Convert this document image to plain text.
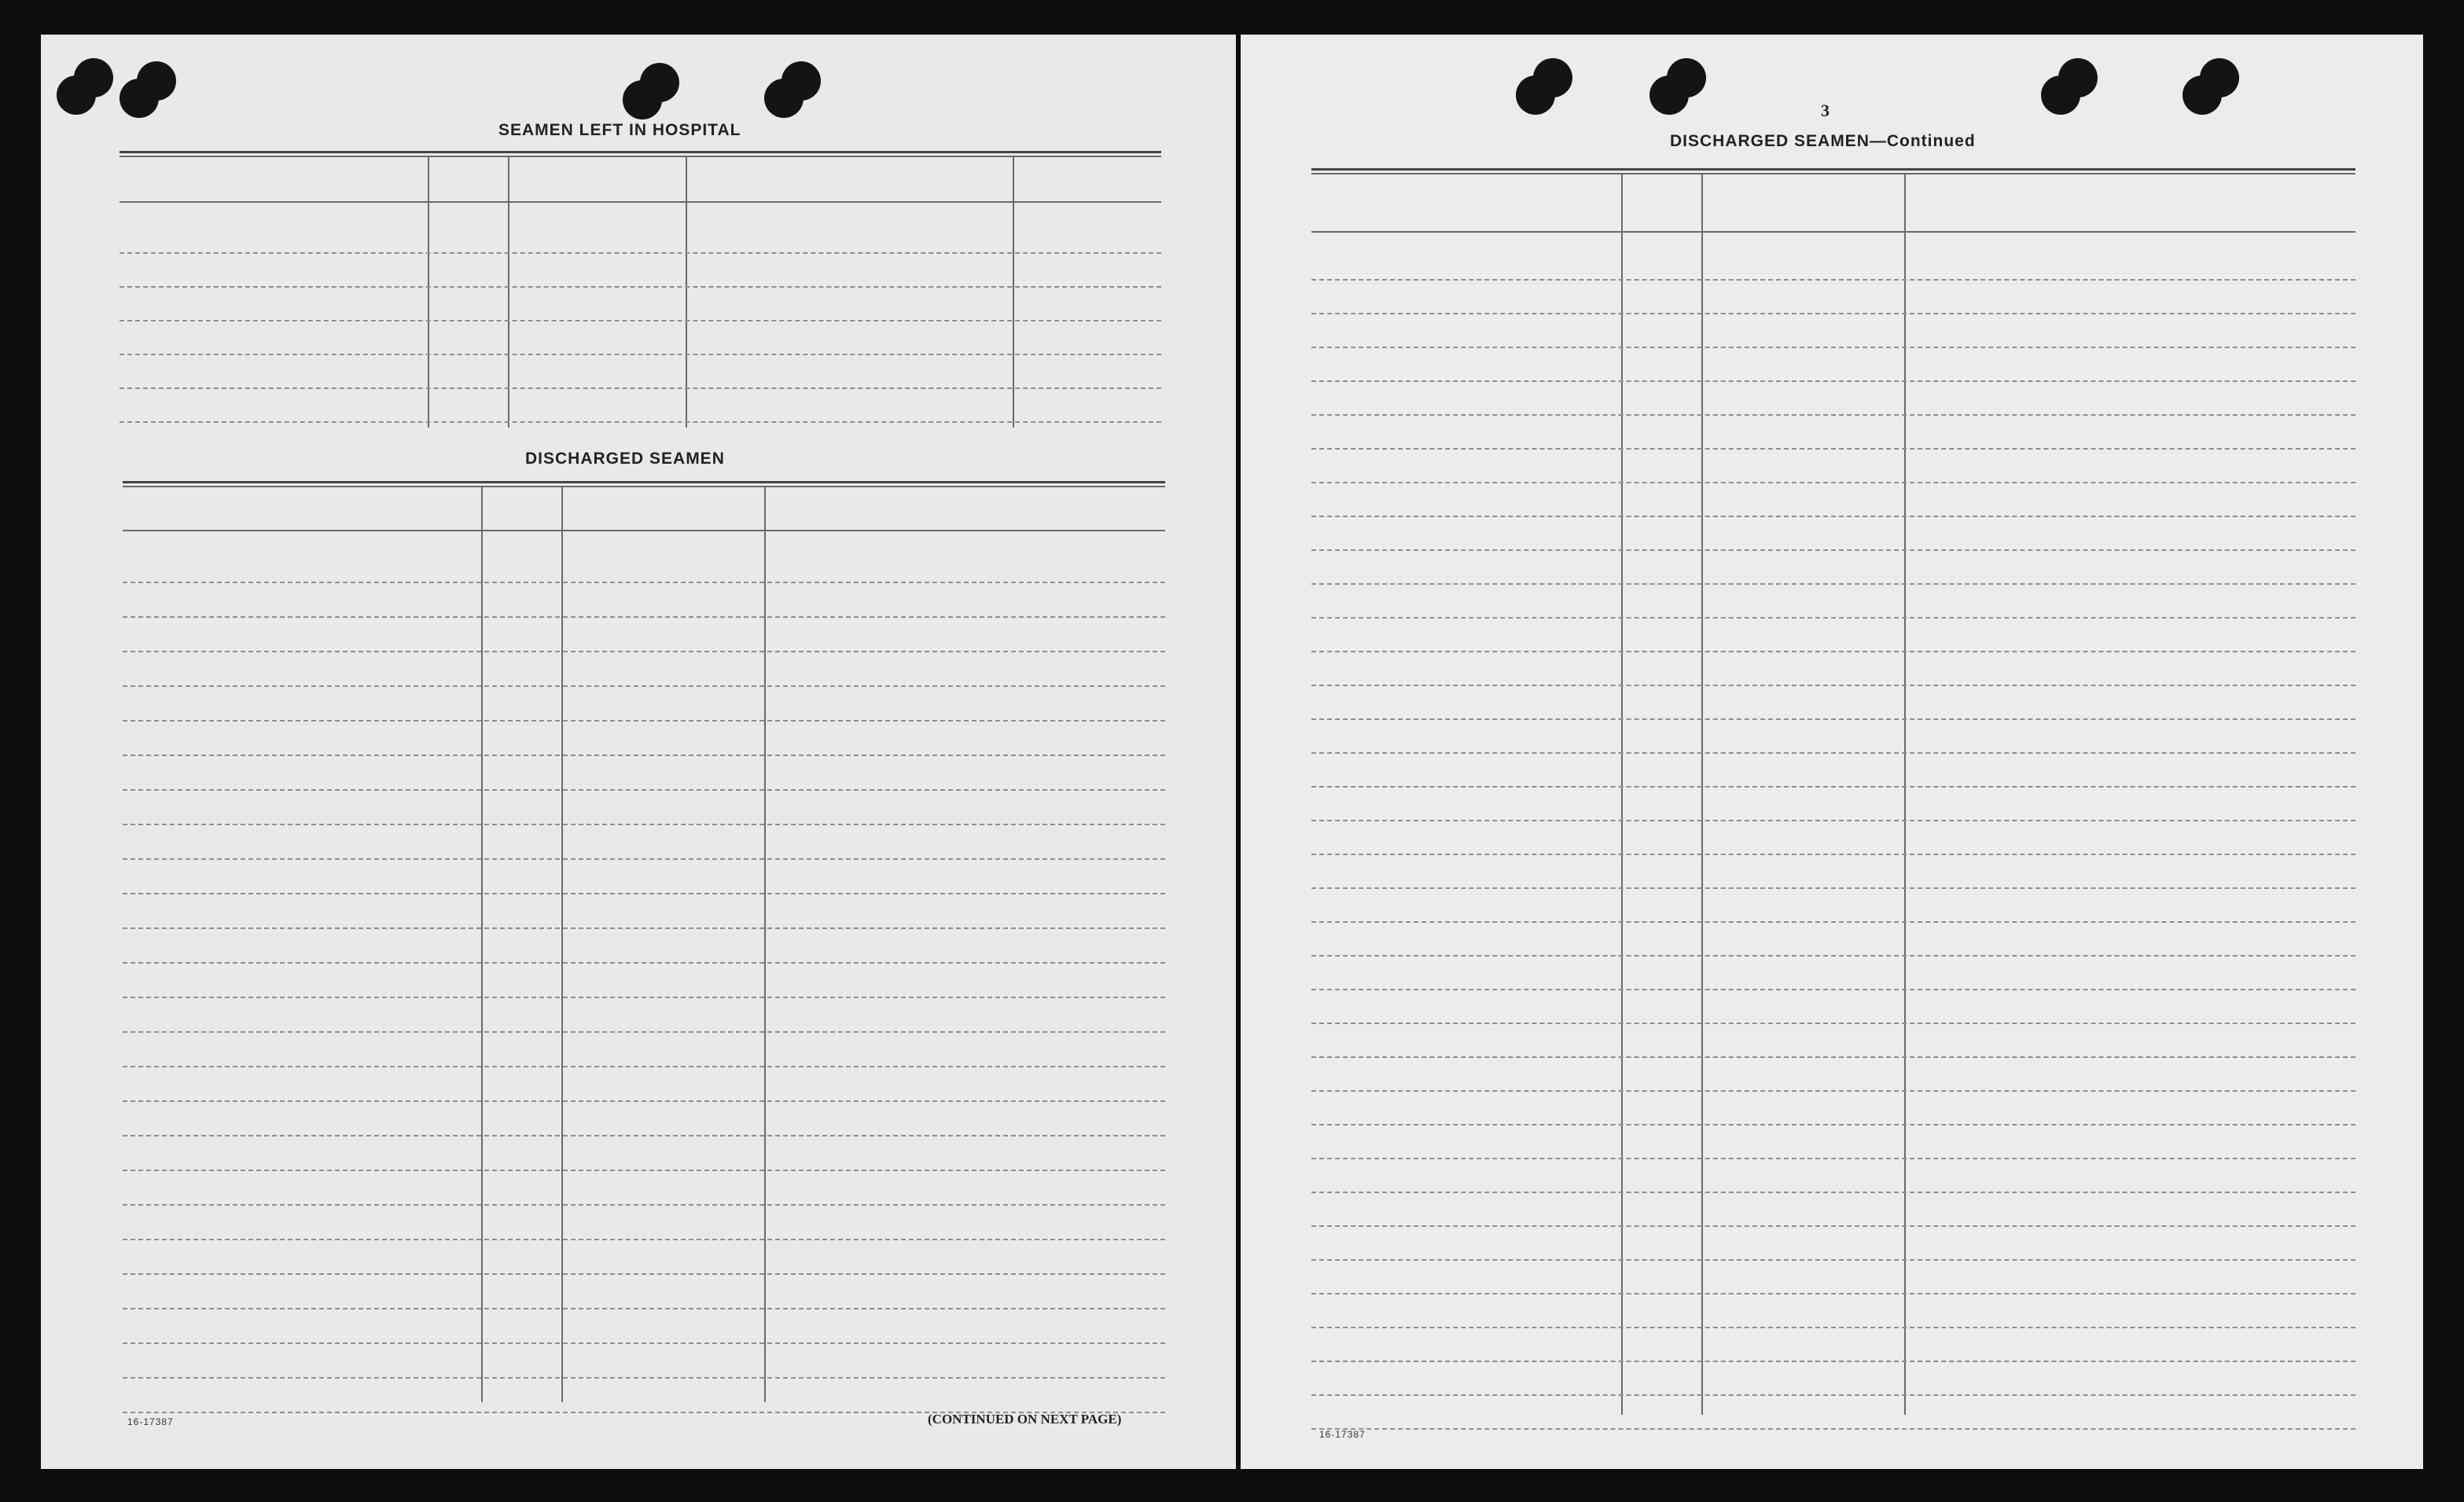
SEAMEN LEFT IN HOSPITAL
DISCHARGED SEAMEN
16-17387	(CONTINUED ON NEXT PAGE)
3
DISCHARGED SEAMEN—Continued
16-17387
